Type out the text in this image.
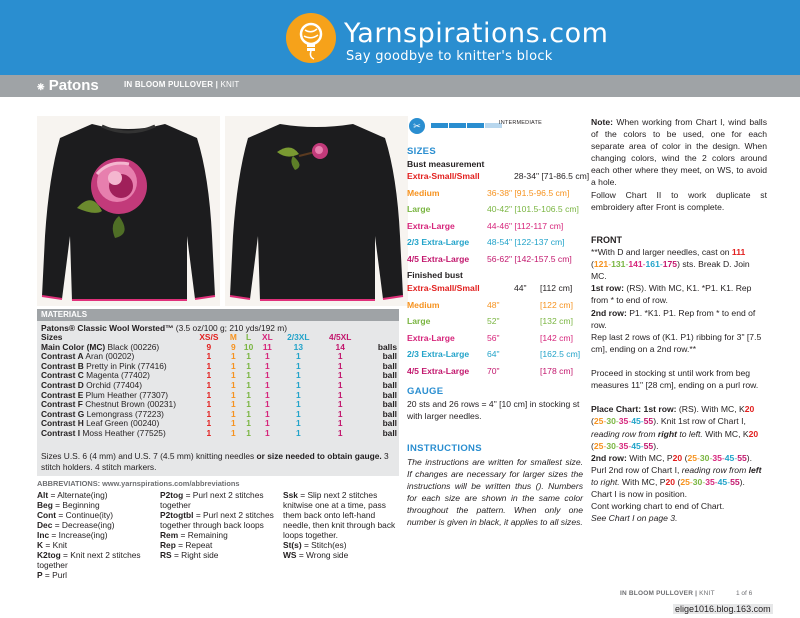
Yarnspirations.com
Say goodbye to knitter's block
❋ Patons	IN BLOOM PULLOVER | KNIT
MATERIALS
Patons® Classic Wool Worsted™ (3.5 oz/100 g; 210 yds/192 m)
Sizes	XS/S	M	L	XL	2/3XL	4/5XL	
Main Color (MC) Black (00226)	9	9	10	11	13	14	balls
Contrast A Aran (00202)	1	1	1	1	1	1	ball
Contrast B Pretty in Pink (77416)	1	1	1	1	1	1	ball
Contrast C Magenta (77402)	1	1	1	1	1	1	ball
Contrast D Orchid (77404)	1	1	1	1	1	1	ball
Contrast E Plum Heather (77307)	1	1	1	1	1	1	ball
Contrast F Chestnut Brown (00231)	1	1	1	1	1	1	ball
Contrast G Lemongrass (77223)	1	1	1	1	1	1	ball
Contrast H Leaf Green (00240)	1	1	1	1	1	1	ball
Contrast I Moss Heather (77525)	1	1	1	1	1	1	ball
Sizes U.S. 6 (4 mm) and U.S. 7 (4.5 mm) knitting needles or size needed to obtain gauge. 3 stitch holders. 4 stitch markers.
ABBREVIATIONS: www.yarnspirations.com/abbreviations
Alt = Alternate(ing)
Beg = Beginning
Cont = Continue(ity)
Dec = Decrease(ing)
Inc = Increase(ing)
K = Knit
K2tog = Knit next 2 stitches together
P = Purl
P2tog = Purl next 2 stitches together
P2togtbl = Purl next 2 stitches together through back loops
Rem = Remaining
Rep = Repeat
RS = Right side
Ssk = Slip next 2 stitches knitwise one at a time, pass them back onto left-hand needle, then knit through back loops together.
St(s) = Stitch(es)
WS = Wrong side
✂	INTERMEDIATE
SIZES
Bust measurement
Extra-Small/Small	28-34" [71-86.5 cm]
Medium	36-38" [91.5-96.5 cm]
Large	40-42" [101.5-106.5 cm]
Extra-Large	44-46" [112-117 cm]
2/3 Extra-Large 48-54" [122-137 cm]
4/5 Extra-Large 56-62" [142-157.5 cm]
Finished bust
Extra-Small/Small	44" [112 cm]
Medium	48"	[122 cm]
Large	52"	[132 cm]
Extra-Large	56"	[142 cm]
2/3 Extra-Large 64"	[162.5 cm]
4/5 Extra-Large 70"	[178 cm]
GAUGE
20 sts and 26 rows = 4" [10 cm] in stocking st with larger needles.
INSTRUCTIONS
The instructions are written for smallest size. If changes are necessary for larger sizes the instructions will be written thus (). Numbers for each size are shown in the same color throughout the pattern. When only one number is given in black, it applies to all sizes.
Note: When working from Chart I, wind balls of the colors to be used, one for each separate area of color in the design. When changing colors, wind the 2 colors around each other where they meet, on WS, to avoid a hole.
Follow Chart II to work duplicate st embroidery after Front is complete.
FRONT
**With D and larger needles, cast on 111 (121-131-141-161-175) sts. Break D. Join MC.
1st row: (RS). With MC, K1. *P1. K1. Rep from * to end of row.
2nd row: P1. *K1. P1. Rep from * to end of row.
Rep last 2 rows of (K1. P1) ribbing for 3" [7.5 cm], ending on a 2nd row.**

Proceed in stocking st until work from beg measures 11" [28 cm], ending on a purl row.

Place Chart: 1st row: (RS). With MC, K20 (25-30-35-45-55). Knit 1st row of Chart I, reading row from right to left. With MC, K20 (25-30-35-45-55).
2nd row: With MC, P20 (25-30-35-45-55). Purl 2nd row of Chart I, reading row from left to right. With MC, P20 (25-30-35-45-55).
Chart I is now in position.
Cont working chart to end of Chart.
See Chart I on page 3.
IN BLOOM PULLOVER | KNIT	1 of 6
elige1016.blog.163.com
